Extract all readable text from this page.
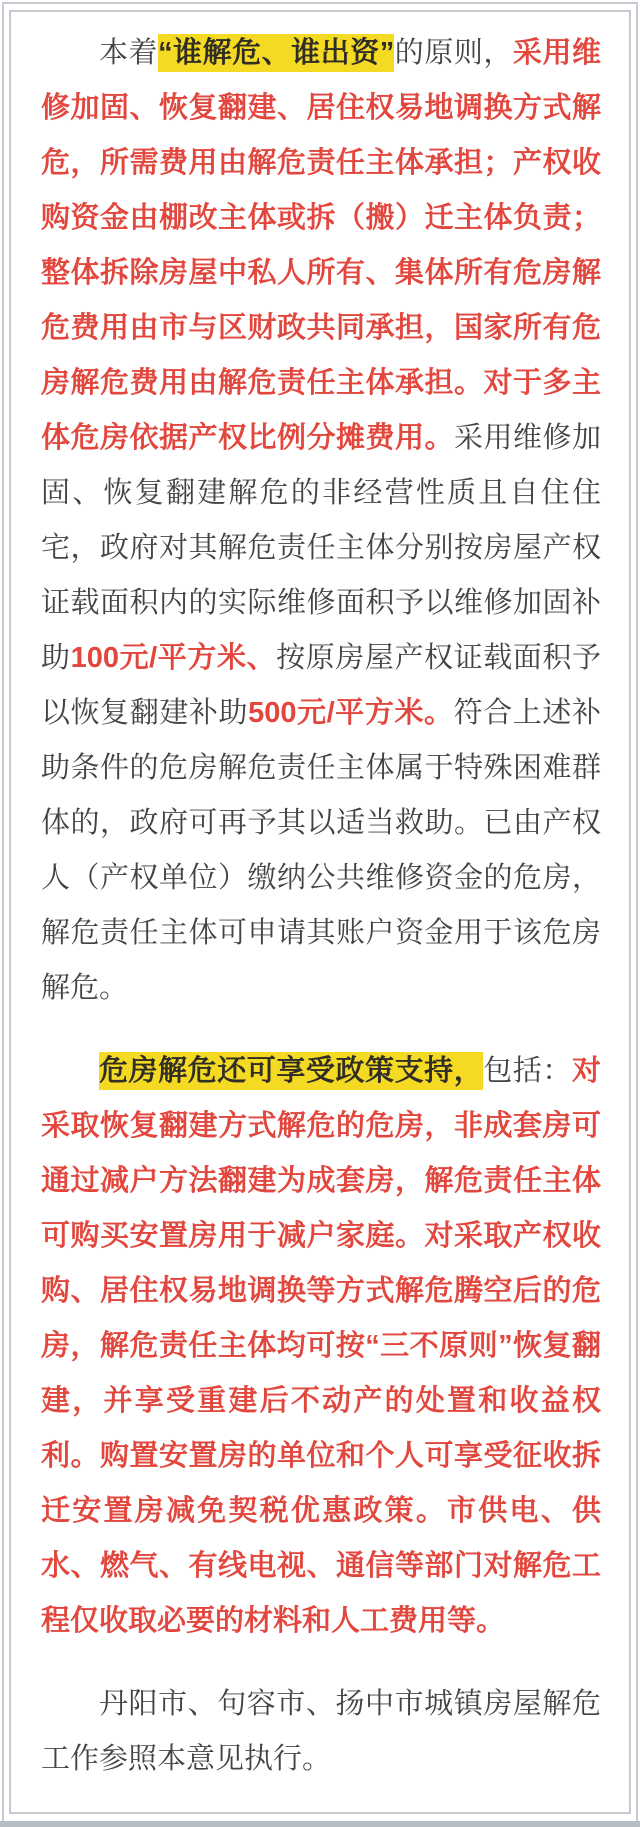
本着“谁解危、谁出资”的原则，采用维修加固、恢复翻建、居住权易地调换方式解危，所需费用由解危责任主体承担；产权收购资金由棚改主体或拆（搬）迁主体负责；整体拆除房屋中私人所有、集体所有危房解危费用由市与区财政共同承担，国家所有危房解危费用由解危责任主体承担。对于多主体危房依据产权比例分摊费用。采用维修加固、恢复翻建解危的非经营性质且自住住宅，政府对其解危责任主体分别按房屋产权证载面积内的实际维修面积予以维修加固补助100元/平方米、按原房屋产权证载面积予以恢复翻建补助500元/平方米。符合上述补助条件的危房解危责任主体属于特殊困难群体的，政府可再予其以适当救助。已由产权人（产权单位）缴纳公共维修资金的危房，解危责任主体可申请其账户资金用于该危房解危。

危房解危还可享受政策支持，包括：对采取恢复翻建方式解危的危房，非成套房可通过减户方法翻建为成套房，解危责任主体可购买安置房用于减户家庭。对采取产权收购、居住权易地调换等方式解危腾空后的危房，解危责任主体均可按“三不原则”恢复翻建，并享受重建后不动产的处置和收益权利。购置安置房的单位和个人可享受征收拆迁安置房减免契税优惠政策。市供电、供水、燃气、有线电视、通信等部门对解危工程仅收取必要的材料和人工费用等。

丹阳市、句容市、扬中市城镇房屋解危工作参照本意见执行。
